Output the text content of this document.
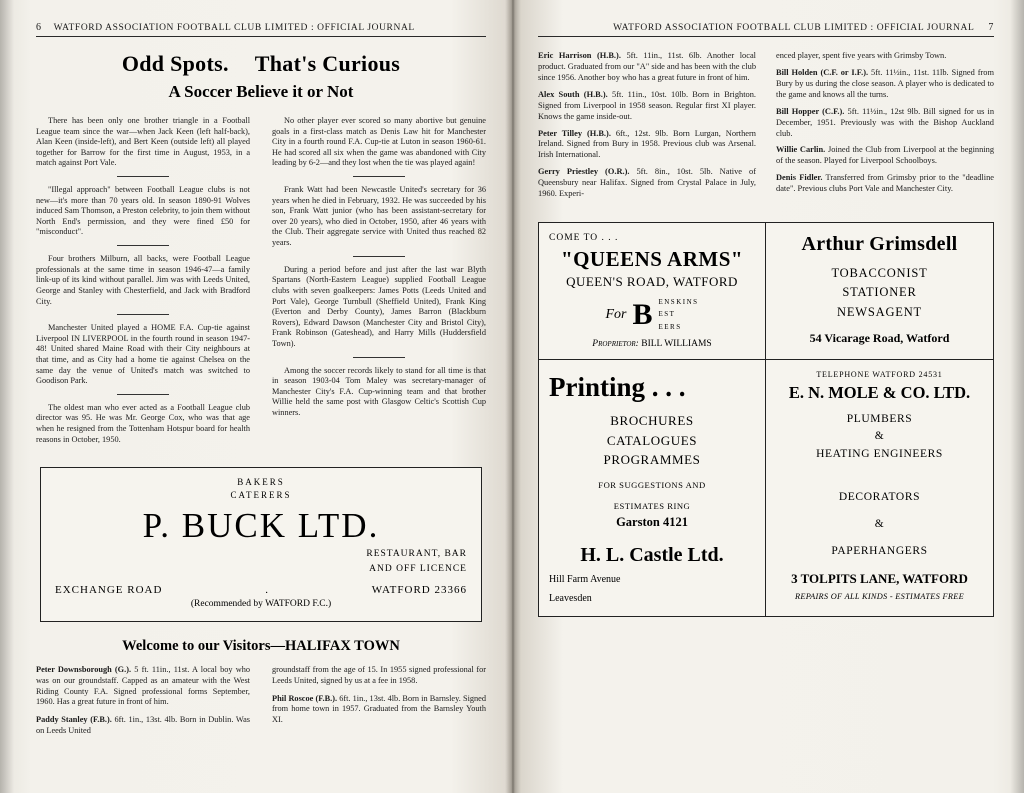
6 WATFORD ASSOCIATION FOOTBALL CLUB LIMITED : OFFICIAL JOURNAL
Odd Spots. That's Curious
A Soccer Believe it or Not

There has been only one brother triangle in a Football League team since the war—when Jack Keen (left half-back), Alan Keen (inside-left), and Bert Keen (outside left) all played together for Barrow for the first time in August, 1953, in a match against Port Vale.

"Illegal approach" between Football League clubs is not new—it's more than 70 years old. In season 1890-91 Wolves induced Sam Thomson, a Preston celebrity, to join them without North End's permission, and they were fined £50 for "misconduct".

Four brothers Milburn, all backs, were Football League professionals at the same time in season 1946-47—a family link-up of its kind without parallel. Jim was with Leeds United, George and Stanley with Chesterfield, and Jack with Bradford City.

Manchester United played a HOME F.A. Cup-tie against Liverpool IN LIVERPOOL in the fourth round in season 1947-48! United shared Maine Road with their City neighbours at that time, and as City had a home tie against Chelsea on the same day the venue of United's match was switched to Goodison Park.

The oldest man who ever acted as a Football League club director was 95. He was Mr. George Cox, who was that age when he resigned from the Tottenham Hotspur board for health reasons in October, 1950.

No other player ever scored so many abortive but genuine goals in a first-class match as Denis Law hit for Manchester City in a fourth round F.A. Cup-tie at Luton in season 1960-61. He had scored all six when the game was abandoned with City leading by 6-2—and they lost when the tie was played again!

Frank Watt had been Newcastle United's secretary for 36 years when he died in February, 1932. He was succeeded by his son, Frank Watt junior (who has been assistant-secretary for over 20 years), who died in October, 1950, after 46 years with the Club. Their aggregate service with United thus reached 82 years.

During a period before and just after the last war Blyth Spartans (North-Eastern League) supplied Football League clubs with seven goalkeepers: James Potts (Leeds United and Port Vale), George Turnbull (Sheffield United), Frank King (Everton and Derby County), James Barron (Blackburn Rovers), Edward Dawson (Manchester City and Bristol City), Frank Robinson (Gateshead), and Harry Mills (Huddersfield Town).

Among the soccer records likely to stand for all time is that in season 1903-04 Tom Maley was secretary-manager of Manchester City's F.A. Cup-winning team and that brother Willie held the same post with Glasgow Celtic's Scottish Cup winners.

BAKERS
CATERERS
P. BUCK LTD.
RESTAURANT, BAR
AND OFF LICENCE
EXCHANGE ROAD	.	WATFORD 23366
(Recommended by WATFORD F.C.)
Welcome to our Visitors—HALIFAX TOWN

Peter Downsborough (G.). 5 ft. 11in., 11st. A local boy who was on our groundstaff. Capped as an amateur with the West Riding County F.A. Signed professional forms September, 1960. Has a great future in front of him.

Paddy Stanley (F.B.). 6ft. 1in., 13st. 4lb. Born in Dublin. Was on Leeds United

groundstaff from the age of 15. In 1955 signed professional for Leeds United, signed by us at a fee in 1958.

Phil Roscoe (F.B.). 6ft. 1in., 13st. 4lb. Born in Barnsley. Signed from home town in 1957. Graduated from the Barnsley Youth XI.

WATFORD ASSOCIATION FOOTBALL CLUB LIMITED : OFFICIAL JOURNAL 7

Eric Harrison (H.B.). 5ft. 11in., 11st. 6lb. Another local product. Graduated from our "A" side and has been with the club since 1956. Another boy who has a great future in front of him.

Alex South (H.B.). 5ft. 11in., 10st. 10lb. Born in Brighton. Signed from Liverpool in 1958 season. Regular first XI player. Knows the game inside-out.

Peter Tilley (H.B.). 6ft., 12st. 9lb. Born Lurgan, Northern Ireland. Signed from Bury in 1958. Previous club was Arsenal. Irish International.

Gerry Priestley (O.R.). 5ft. 8in., 10st. 5lb. Native of Queensbury near Halifax. Signed from Crystal Palace in July, 1960. Experi-

enced player, spent five years with Grimsby Town.

Bill Holden (C.F. or I.F.). 5ft. 11½in., 11st. 11lb. Signed from Bury by us during the close season. A player who is dedicated to the game and knows all the turns.

Bill Hopper (C.F.). 5ft. 11½in., 12st 9lb. Bill signed for us in December, 1951. Previously was with the Bishop Auckland club.

Willie Carlin. Joined the Club from Liverpool at the beginning of the season. Played for Liverpool Schoolboys.

Denis Fidler. Transferred from Grimsby prior to the "deadline date". Previous clubs Port Vale and Manchester City.

COME TO . . .
"QUEENS ARMS"
QUEEN'S ROAD, WATFORD
For B enskins
est
eers
Proprietor: BILL WILLIAMS
Arthur Grimsdell
TOBACCONIST
STATIONER
NEWSAGENT
54 Vicarage Road, Watford
Printing . . .
BROCHURES
CATALOGUES
PROGRAMMES
FOR SUGGESTIONS AND
ESTIMATES RING
Garston 4121
H. L. Castle Ltd.
Hill Farm Avenue
Leavesden
TELEPHONE WATFORD 24531
E. N. MOLE & CO. LTD.
PLUMBERS
&
HEATING ENGINEERS
DECORATORS
&
PAPERHANGERS
3 TOLPITS LANE, WATFORD
REPAIRS OF ALL KINDS - ESTIMATES FREE
